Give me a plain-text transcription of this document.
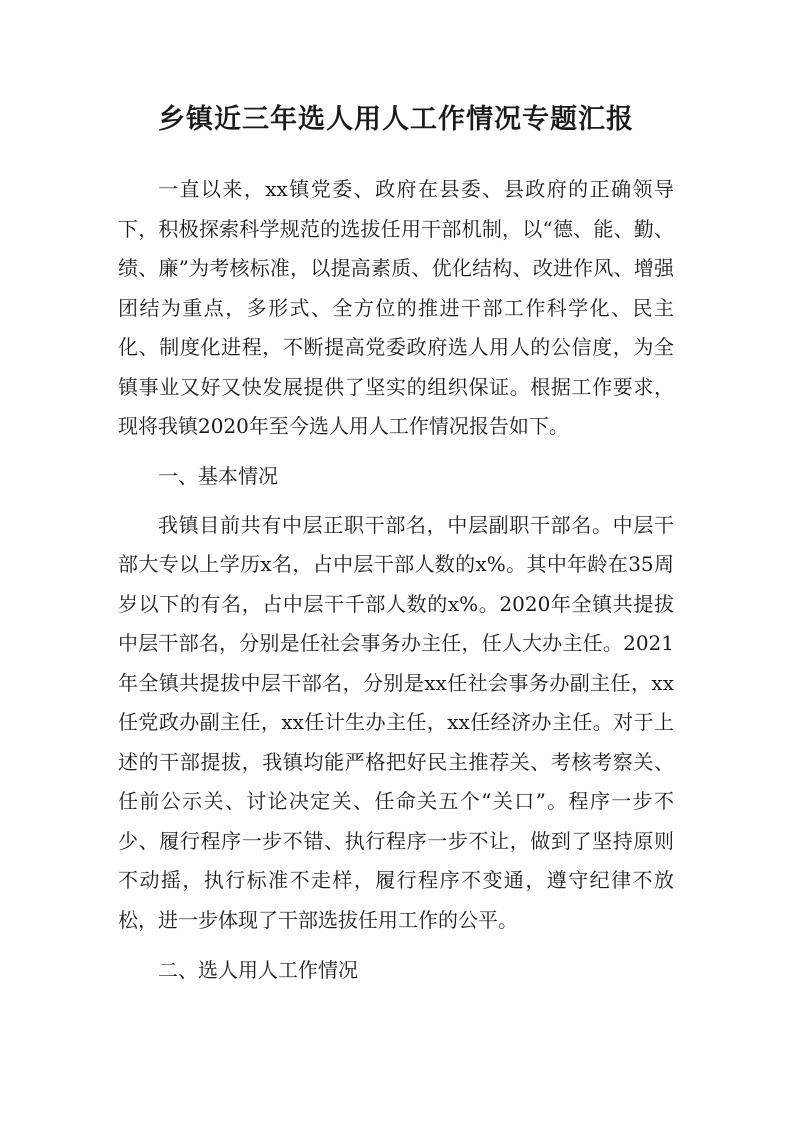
乡镇近三年选人用人工作情况专题汇报

一直以来，xx镇党委、政府在县委、县政府的正确领导下，积极探索科学规范的选拔任用干部机制，以“德、能、勤、绩、廉”为考核标准，以提高素质、优化结构、改进作风、增强团结为重点，多形式、全方位的推进干部工作科学化、民主化、制度化进程，不断提高党委政府选人用人的公信度，为全镇事业又好又快发展提供了坚实的组织保证。根据工作要求，现将我镇2020年至今选人用人工作情况报告如下。

一、基本情况

我镇目前共有中层正职干部名，中层副职干部名。中层干部大专以上学历x名，占中层干部人数的x%。其中年龄在35周岁以下的有名，占中层干千部人数的x%。2020年全镇共提拔中层干部名，分别是任社会事务办主任，任人大办主任。2021年全镇共提拔中层干部名，分别是xx任社会事务办副主任，xx任党政办副主任，xx任计生办主任，xx任经济办主任。对于上述的干部提拔，我镇均能严格把好民主推荐关、考核考察关、任前公示关、讨论决定关、任命关五个“关口”。程序一步不少、履行程序一步不错、执行程序一步不让，做到了坚持原则不动摇，执行标准不走样，履行程序不变通，遵守纪律不放松，进一步体现了干部选拔任用工作的公平。

二、选人用人工作情况
